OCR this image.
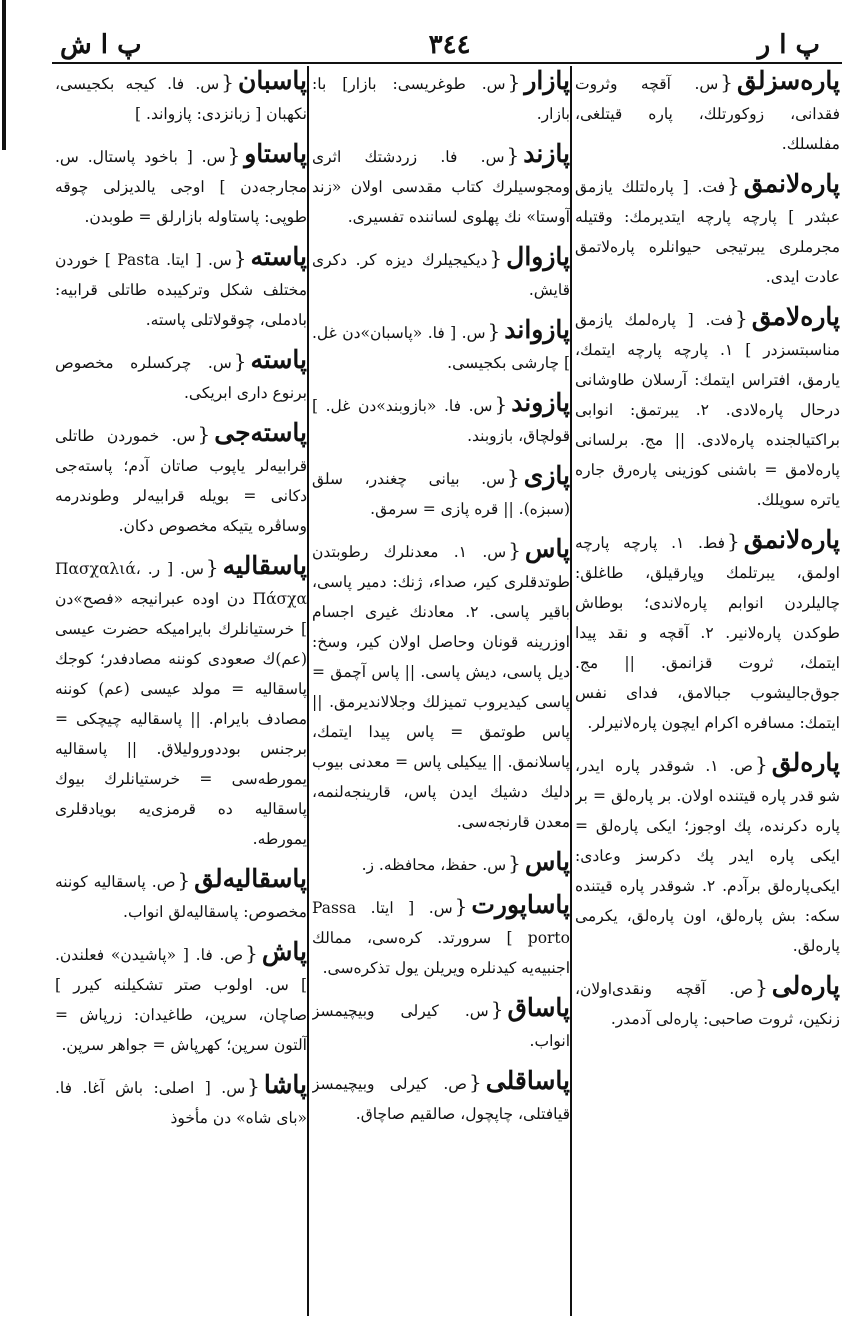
پ ا ر
٣٤٤
پ ا ش
پاره‌سزلق{س. آقچه وثروت فقدانی، زوکورتلك، پاره قیتلغی، مفلسلك.
پاره‌لانمق{فت. [ پاره‌لتلك‌ یازمق عبثدر ] پارچه پارچه ایتدیرمك: وقتیله مجرملری یبرتیجی حیوانلره پاره‌لاتمق عادت ایدی.
پاره‌لامق{فت. [ پاره‌لمك یازمق مناسبتسزدر ] ١. پارچه پارچه ایتمك، یارمق، افتراس ایتمك: آرسلان طاوشانی درحال پاره‌لادی. ٢. یبرتمق: انوابی براکتیالجنده پاره‌لادی. || مج. برلسانی پاره‌لامق = باشنی کوزینی پاره‌رق جاره یاتره سویلك.
پاره‌لانمق{فط. ١. پارچه پارچه اولمق، یبرتلمك وپارقیلق، طاغلق: چالیلردن انوابم پاره‌لاندی؛ بوطاش طوکدن پاره‌لانیر. ٢. آقچه و نقد پیدا ایتمك، ثروت قزانمق. || مج. جوق‌جالیشوب جبالامق، فدای نفس ایتمك: مسافره اکرام ایچون پاره‌لانیرلر.
پاره‌لق{ص. ١. شوقدر پاره ایدر، شو قدر پاره قیتنده اولان. بر پاره‌لق = بر پاره دکرنده، پك اوجوز؛ ایکی پاره‌لق = ایکی پاره ایدر پك دکرسز وعادی: ایکی‌پاره‌لق برآدم. ٢. شوقدر پاره قیتنده سکه: بش پاره‌لق، اون پاره‌لق، یکرمی پاره‌لق.
پاره‌لی{ص. آقچه ونقدی‌اولان، زنکین، ثروت صاحبی: پاره‌لی آدمدر.
پازار{س. طوغریسی: بازار] با: بازار.
پازند{س. فا. زردشتك اثری ومجوسیلرك کتاب مقدسی اولان «زند آوستا» نك پهلوی لساننده تفسیری.
پازوال{دیکیجیلرك دیزه کر. دکری قایش.
پازواند{س. [ فا. «پاسبان»دن غل. ] چارشی بکجیسی.
پازوند{س. فا. «بازوبند»دن غل. ] قولچاق، بازوبند.
پازی{س. بیانی چغندر، سلق (سبزه). || قره پازی = سرمق.
پاس{س. ١. معدنلرك رطوبتدن طوتدقلری کیر، صداء، ژنك: دمیر پاسی، باقیر پاسی. ٢. معادنك غیری اجسام اوزرینه قونان وحاصل اولان کیر، وسخ: دیل پاسی، دیش پاسی. || پاس آچمق = پاسی کیدیروب تمیزلك وجلالاندیرمق. || پاس طوتمق = پاس پیدا ایتمك، پاسلانمق. || ییکیلی پاس = معدنی بیوب دلیك دشیك ایدن پاس، قارینجه‌لنمه، معدن قارنجه‌سی.
پاس{س. حفظ، محافظه. ز.
پاساپورت{س. [ ایتا. Passa porto ] سرورتد. کره‌سی، ممالك اجنبیه‌یه کیدنلره ویریلن یول تذکره‌سی.
پاساق{س. کیرلی وبیچیمسز انواب.
پاساقلی{ص. کیرلی وبیچیمسز قیافتلی، چاپچول، صالقیم صاچاق.
پاسبان{س. فا. کیجه بکجیسی، نکهبان [ زبانزدی: پازواند. ]
پاستاو{س. [ باخود پاستال. س. مجارجه‌دن ] اوجی یالدیزلی چوقه طوپی: پاستاوله بازارلق = طوبدن.
پاسته{س. [ ایتا. Pasta ] خوردن مختلف شکل وترکیبده طاتلی قرابیه: بادملی، چوقولاتلی پاسته.
پاسته{س. چرکسلره مخصوص برنوع داری ابریکی.
پاسته‌جی{س. خموردن طاتلی قرابیه‌لر یاپوب صاتان آدم؛ پاسته‌جی دکانی = بویله قرابیه‌لر وطوندرمه وساڤره یتیکه مخصوص دکان.
پاسقالیه{س. [ ر. Πασχαλιά، Πάσχα دن اوده عبرانیجه «فصح»دن ] خرستیانلرك بایرامیکه حضرت عیسی (عم)ك صعودی کوننه مصادفدر؛ کوجك پاسقالیه = مولد عیسی (عم) کوننه مصادف بایرام. || پاسقالیه چیچکی = برجنس بوددورولیلاق. || پاسقالیه یمورطه‌سی = خرستیانلرك بیوك پاسقالیه ده قرمزی‌یه بویادقلری یمورطه.
پاسقالیه‌لق{ص. پاسقالیه کوننه مخصوص: پاسقالیه‌لق انواب.
پاش{ص. فا. [ «پاشیدن» فعلندن. ] س. اولوب صتر تشکیلنه کیرر ] صاچان، سرپن، طاغیدان: زرپاش = آلتون سرپن؛ کهرپاش = جواهر سرپن.
پاشا{س. [ اصلی: باش آغا. فا. «بای شاه» دن مأخوذ
